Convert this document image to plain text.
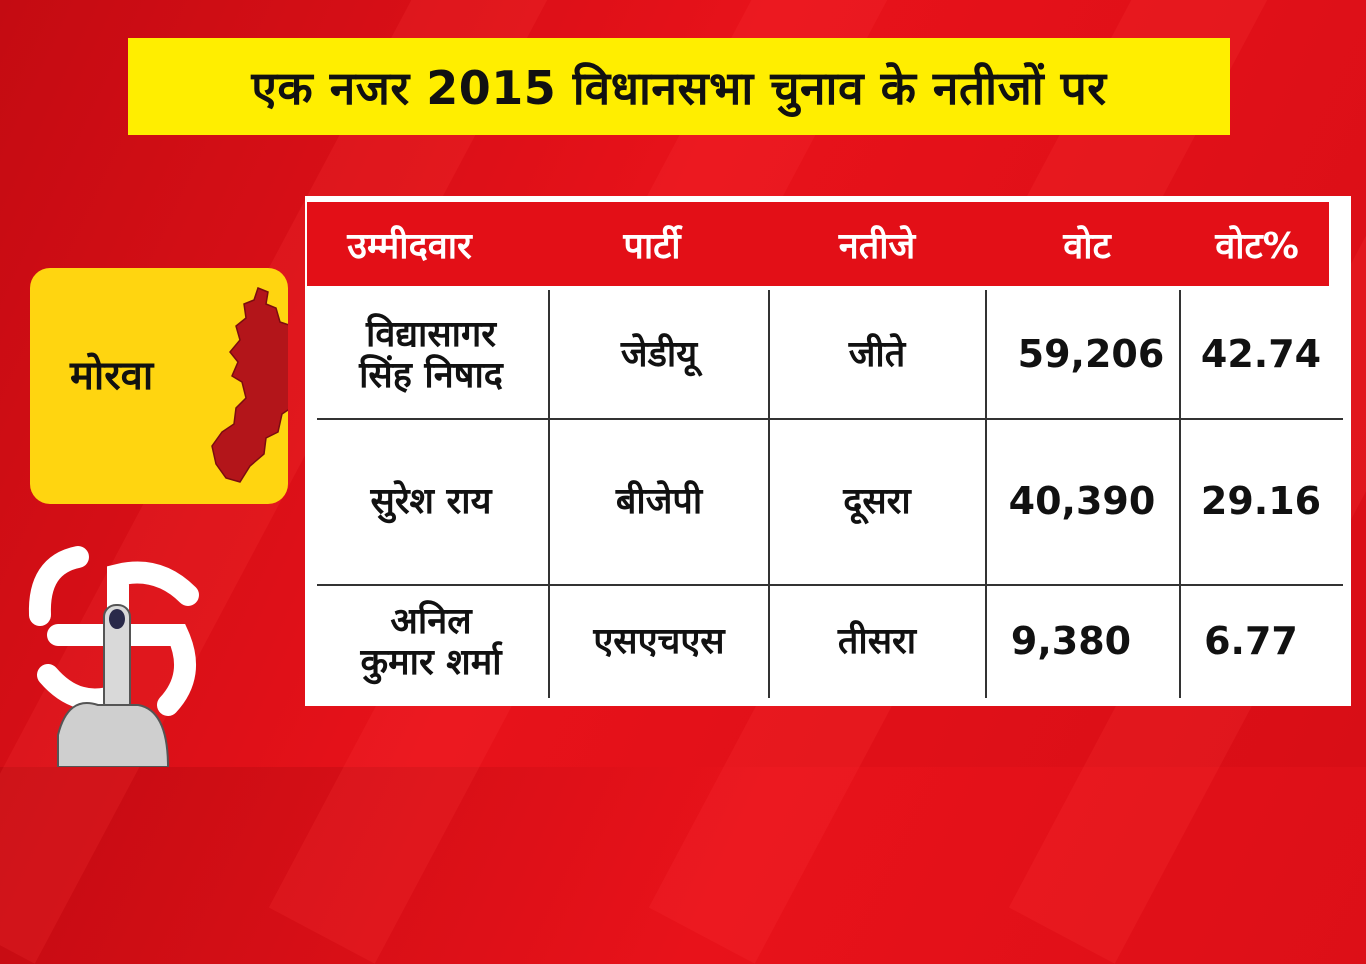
एक नजर 2015 विधानसभा चुनाव के नतीजों पर
मोरवा
उम्मीदवार	पार्टी	नतीजे	वोट	वोट%
विद्यासागर
सिंह निषाद
जेडीयू	जीते	59,206 42.74
सुरेश राय	बीजेपी	दूसरा	40,390	29.16
अनिल
कुमार शर्मा
एसएचएस	तीसरा	9,380	6.77
